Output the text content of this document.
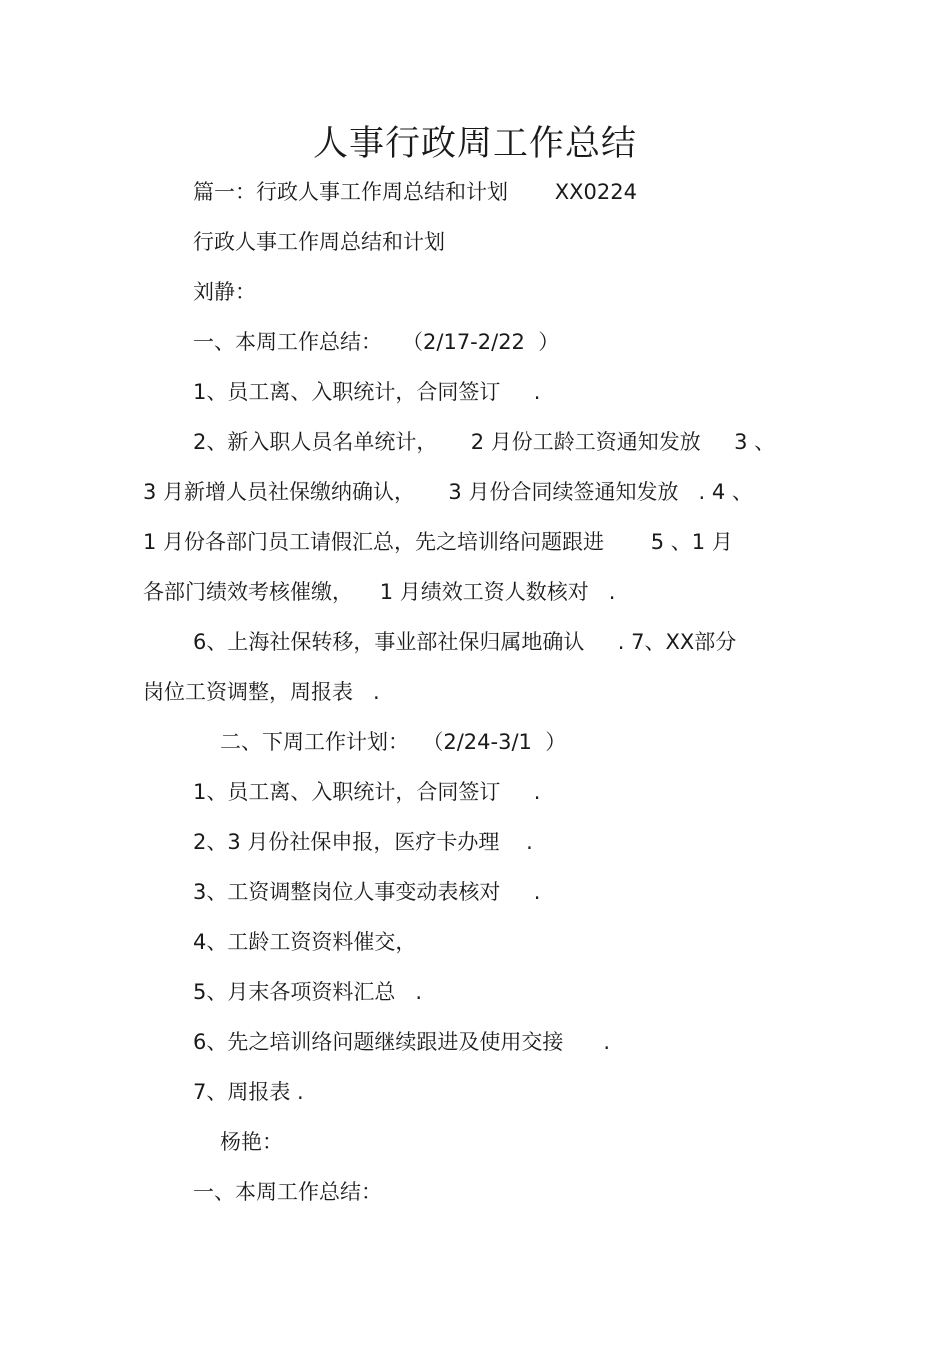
人事行政周工作总结

篇一：行政人事工作周总结和计划       XX0224

行政人事工作周总结和计划

刘静：

一、本周工作总结：   （2/17-2/22  ）

1、员工离、入职统计，合同签订     .

2、新入职人员名单统计，     2 月份工龄工资通知发放     3 、

3 月新增人员社保缴纳确认，     3 月份合同续签通知发放   . 4 、

1 月份各部门员工请假汇总，先之培训络问题跟进       5 、1 月

各部门绩效考核催缴，    1 月绩效工资人数核对   .

6、上海社保转移，事业部社保归属地确认     . 7、XX部分

岗位工资调整，周报表   .

二、下周工作计划：  （2/24-3/1  ）

1、员工离、入职统计，合同签订     .

2、3 月份社保申报，医疗卡办理    .

3、工资调整岗位人事变动表核对     .

4、工龄工资资料催交，

5、月末各项资料汇总   .

6、先之培训络问题继续跟进及使用交接      .

7、周报表 .

杨艳：

一、本周工作总结：
